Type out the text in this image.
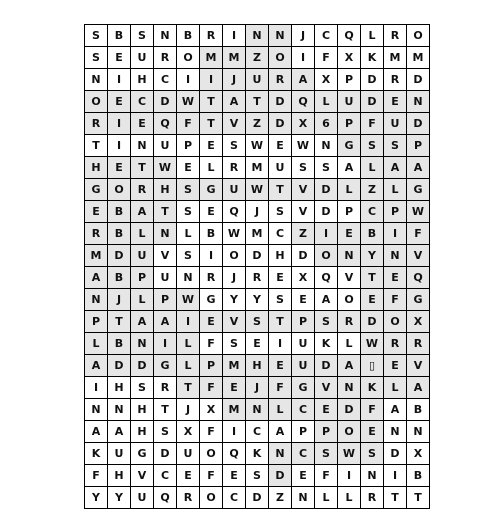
S	B	S	N	B	R	I	N	N	J	C	Q	L	R	O
S	E	U	R	O	M	M	Z	O	I	F	X	K	M	M
N	I	H	C	I	I	J	U	R	A	X	P	D	R	D
O	E	C	D	W	T	A	T	D	Q	L	U	D	E	N
R	I	E	Q	F	T	V	Z	D	X	6	P	F	U	D
T	I	N	U	P	E	S	W	E	W	N	G	S	S	P
H	E	T	W	E	L	R	M	U	S	S	A	L	A	A
G	O	R	H	S	G	U	W	T	V	D	L	Z	L	G
E	B	A	T	S	E	Q	J	S	V	D	P	C	P	W
R	B	L	N	L	B	W	M	C	Z	I	E	B	I	F
M	D	U	V	S	I	O	D	H	D	O	N	Y	N	V
A	B	P	U	N	R	J	R	E	X	Q	V	T	E	Q
N	J	L	P	W	G	Y	Y	S	E	A	O	E	F	G
P	T	A	A	I	E	V	S	T	P	S	R	D	O	X
L	B	N	I	L	F	S	E	I	U	K	L	W	R	R
A	D	D	G	L	P	M	H	E	U	D	A	▯	E	V
I	H	S	R	T	F	E	J	F	G	V	N	K	L	A
N	N	H	T	J	X	M	N	L	C	E	D	F	A	B
A	A	H	S	X	F	I	C	A	P	P	O	E	N	N
K	U	G	D	U	O	Q	K	N	C	S	W	S	D	X
F	H	V	C	E	F	E	S	D	E	F	I	N	I	B
Y	Y	U	Q	R	O	C	D	Z	N	L	L	R	T	T
